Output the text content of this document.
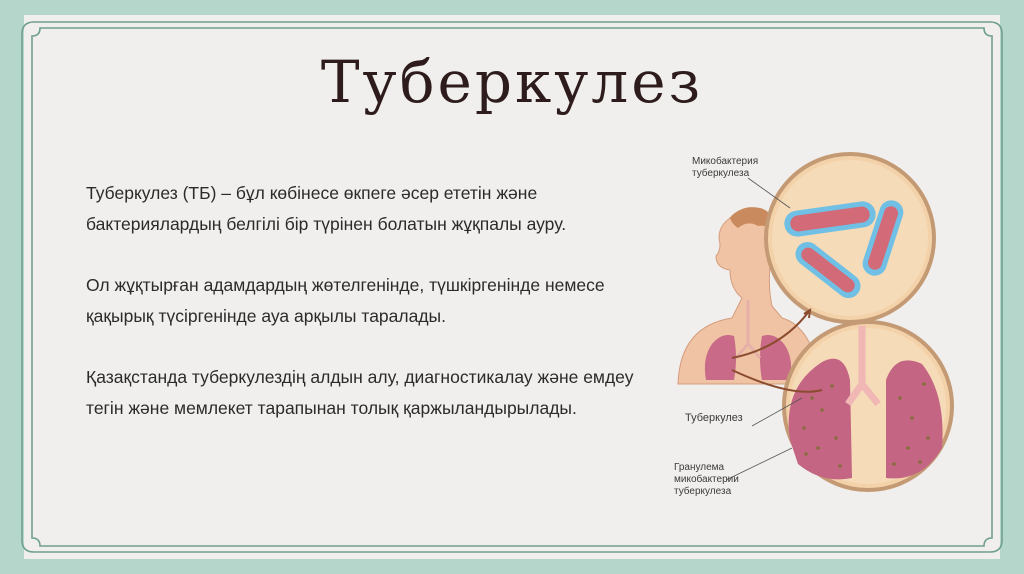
Туберкулез

Туберкулез (ТБ) – бұл көбінесе өкпеге әсер ететін және бактериялардың белгілі бір түрінен болатын жұқпалы ауру.

Ол жұқтырған адамдардың жөтелгенінде, түшкіргенінде немесе қақырық түсіргенінде ауа арқылы таралады.

Қазақстанда туберкулездің алдын алу, диагностикалау және емдеу тегін және мемлекет тарапынан толық қаржыландырылады.

Микобактерия
туберкулеза
Туберкулез
Гранулема
микобактерии
туберкулеза
